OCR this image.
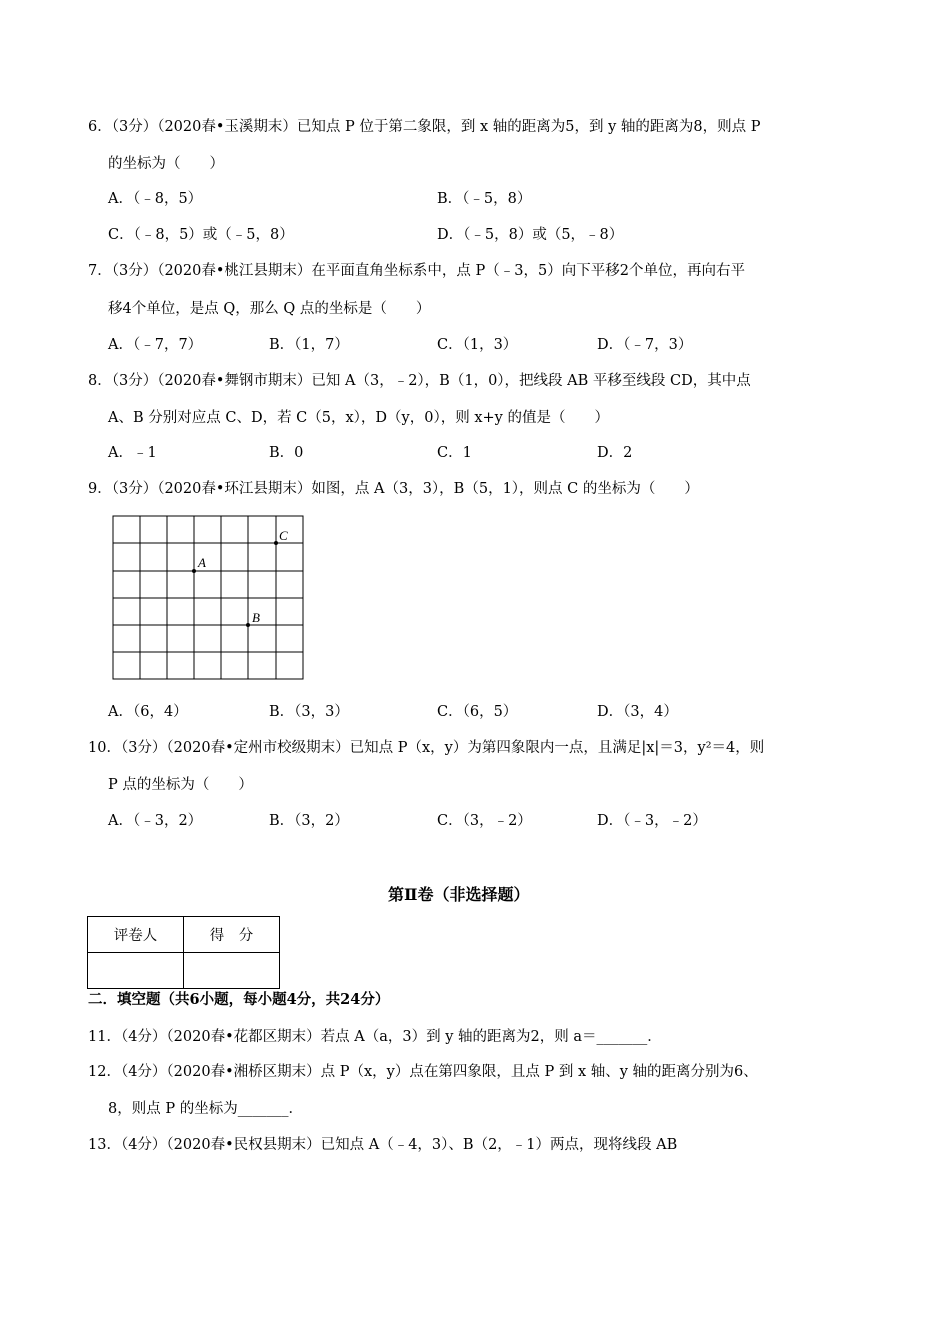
6．（3分）（2020春•玉溪期末）已知点 P 位于第二象限，到 x 轴的距离为5，到 y 轴的距离为8，则点 P
的坐标为（　　）
A．（﹣8，5）	B．（﹣5，8）
C．（﹣8，5）或（﹣5，8）	D．（﹣5，8）或（5，﹣8）
7．（3分）（2020春•桃江县期末）在平面直角坐标系中，点 P（﹣3，5）向下平移2个单位，再向右平
移4个单位，是点 Q，那么 Q 点的坐标是（　　）
A．（﹣7，7）	B．（1，7）	C．（1，3）	D．（﹣7，3）
8．（3分）（2020春•舞钢市期末）已知 A（3，﹣2），B（1，0），把线段 AB 平移至线段 CD，其中点
A、B 分别对应点 C、D，若 C（5，x），D（y，0），则 x+y 的值是（　　）
A．﹣1	B．0	C．1	D．2
9．（3分）（2020春•环江县期末）如图，点 A（3，3），B（5，1），则点 C 的坐标为（　　）
A
B
C
A．（6，4）	B．（3，3）	C．（6，5）	D．（3，4）
10．（3分）（2020春•定州市校级期末）已知点 P（x，y）为第四象限内一点，且满足|x|＝3，y²＝4，则
P 点的坐标为（　　）
A．（﹣3，2）	B．（3，2）	C．（3，﹣2）	D．（﹣3，﹣2）
第Ⅱ卷（非选择题）
评卷人	得　分

二．填空题（共6小题，每小题4分，共24分）
11．（4分）（2020春•花都区期末）若点 A（a，3）到 y 轴的距离为2，则 a＝_______．
12．（4分）（2020春•湘桥区期末）点 P（x，y）点在第四象限，且点 P 到 x 轴、y 轴的距离分别为6、
8，则点 P 的坐标为_______．
13．（4分）（2020春•民权县期末）已知点 A（﹣4，3）、B（2，﹣1）两点，现将线段 AB
